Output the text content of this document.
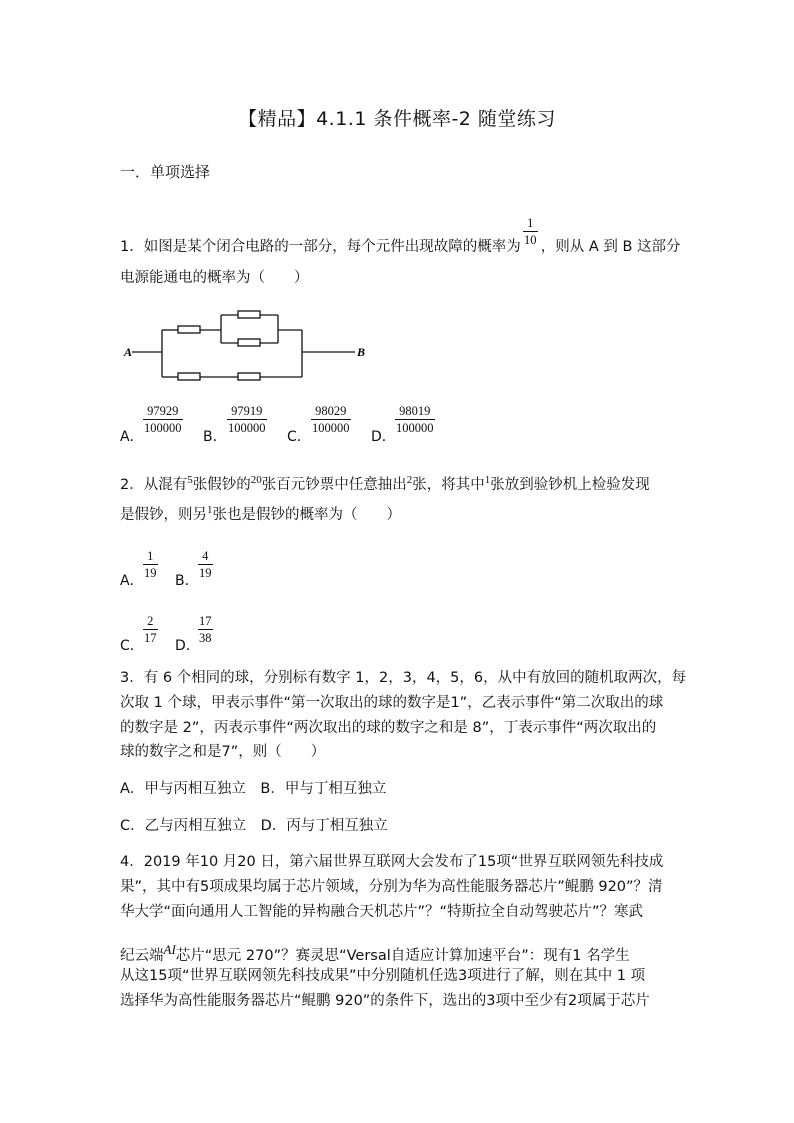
【精品】4.1.1 条件概率-2 随堂练习
一．单项选择
1
10
1．如图是某个闭合电路的一部分，每个元件出现故障的概率为 ，则从 A 到 B 这部分
电源能通电的概率为（　　）
A	B
A．
97929
100000
B．
97919
100000
C．
98029
100000
D．
98019
100000
2．从混有$^5$张假钞的$^{20}$张百元钞票中任意抽出$^2$张，将其中$^1$张放到验钞机上检验发现
是假钞，则另$^1$张也是假钞的概率为（　　）
A．
1
19 B．
4
19
C．
2
17 D．
17
38
3．有 6 个相同的球，分别标有数字 1，2，3，4，5，6，从中有放回的随机取两次，每
次取 1 个球，甲表示事件“第一次取出的球的数字是1”，乙表示事件“第二次取出的球
的数字是 2”，丙表示事件“两次取出的球的数字之和是 8”，丁表示事件“两次取出的
球的数字之和是7”，则（　　）
A．甲与丙相互独立　B．甲与丁相互独立
C．乙与丙相互独立　D．丙与丁相互独立
4．2019 年10 月20 日，第六届世界互联网大会发布了15项“世界互联网领先科技成
果”，其中有5项成果均属于芯片领域，分别为华为高性能服务器芯片”鲲鹏 920”？清
华大学“面向通用人工智能的异构融合天机芯片”？“特斯拉全自动驾驶芯片”？寒武
纪云端$^{AI}$芯片“思元 270”？赛灵思“Versal自适应计算加速平台”：现有1 名学生
从这15项“世界互联网领先科技成果”中分别随机任选3项进行了解，则在其中 1 项
选择华为高性能服务器芯片“鲲鹏 920”的条件下，选出的3项中至少有2项属于芯片
